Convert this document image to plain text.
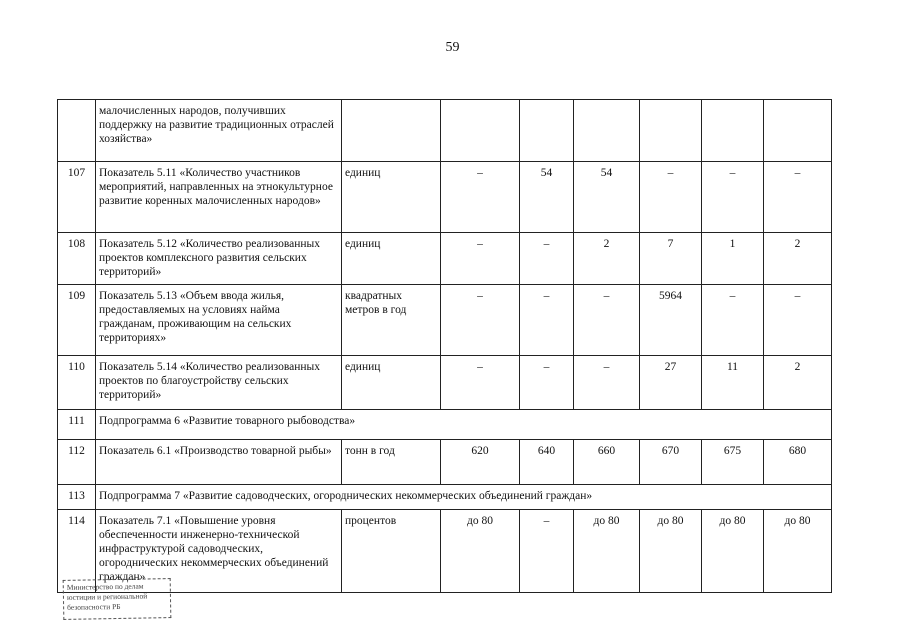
59
	малочисленных народов, получивших поддержку на развитие традиционных отраслей хозяйства»							
107	Показатель 5.11 «Количество участников мероприятий, направленных на этнокультурное развитие коренных малочисленных народов»	единиц	–	54	54	–	–	–
108	Показатель 5.12 «Количество реализованных проектов комплексного развития сельских территорий»	единиц	–	–	2	7	1	2
109	Показатель 5.13 «Объем ввода жилья, предоставляемых на условиях найма гражданам, проживающим на сельских территориях»	квадратных метров в год	–	–	–	5964	–	–
110	Показатель 5.14 «Количество реализованных проектов по благоустройству сельских территорий»	единиц	–	–	–	27	11	2
111	Подпрограмма 6 «Развитие товарного рыбоводства»							
112	Показатель 6.1 «Производство товарной рыбы»	тонн в год	620	640	660	670	675	680
113	Подпрограмма 7 «Развитие садоводческих, огороднических некоммерческих объединений граждан»							
114	Показатель 7.1 «Повышение уровня обеспеченности инженерно-технической инфраструктурой садоводческих, огороднических некоммерческих объединений граждан»	процентов	до 80	–	до 80	до 80	до 80	до 80
Министерство по делам
юстиции и региональной
безопасности РБ
